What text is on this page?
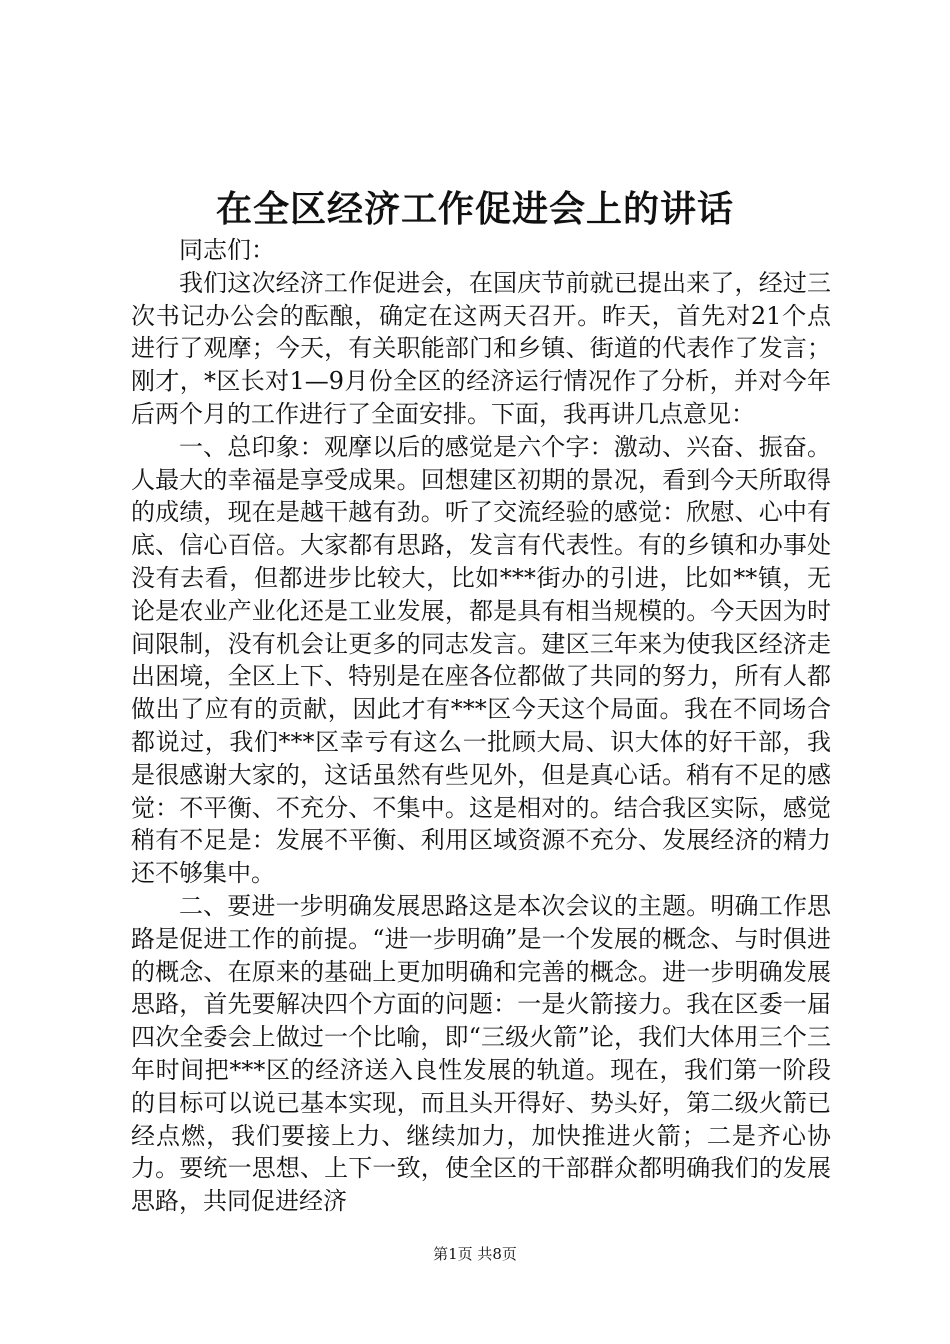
在全区经济工作促进会上的讲话

同志们：

我们这次经济工作促进会，在国庆节前就已提出来了，经过三次书记办公会的酝酿，确定在这两天召开。昨天，首先对21个点进行了观摩；今天，有关职能部门和乡镇、街道的代表作了发言；刚才，*区长对1—9月份全区的经济运行情况作了分析，并对今年后两个月的工作进行了全面安排。下面，我再讲几点意见：

一、总印象：观摩以后的感觉是六个字：激动、兴奋、振奋。人最大的幸福是享受成果。回想建区初期的景况，看到今天所取得的成绩，现在是越干越有劲。听了交流经验的感觉：欣慰、心中有底、信心百倍。大家都有思路，发言有代表性。有的乡镇和办事处没有去看，但都进步比较大，比如***街办的引进，比如**镇，无论是农业产业化还是工业发展，都是具有相当规模的。今天因为时间限制，没有机会让更多的同志发言。建区三年来为使我区经济走出困境，全区上下、特别是在座各位都做了共同的努力，所有人都做出了应有的贡献，因此才有***区今天这个局面。我在不同场合都说过，我们***区幸亏有这么一批顾大局、识大体的好干部，我是很感谢大家的，这话虽然有些见外，但是真心话。稍有不足的感觉：不平衡、不充分、不集中。这是相对的。结合我区实际，感觉稍有不足是：发展不平衡、利用区域资源不充分、发展经济的精力还不够集中。

二、要进一步明确发展思路这是本次会议的主题。明确工作思路是促进工作的前提。“进一步明确”是一个发展的概念、与时俱进的概念、在原来的基础上更加明确和完善的概念。进一步明确发展思路，首先要解决四个方面的问题：一是火箭接力。我在区委一届四次全委会上做过一个比喻，即“三级火箭”论，我们大体用三个三年时间把***区的经济送入良性发展的轨道。现在，我们第一阶段的目标可以说已基本实现，而且头开得好、势头好，第二级火箭已经点燃，我们要接上力、继续加力，加快推进火箭；二是齐心协力。要统一思想、上下一致，使全区的干部群众都明确我们的发展思路，共同促进经济

第1页 共8页
